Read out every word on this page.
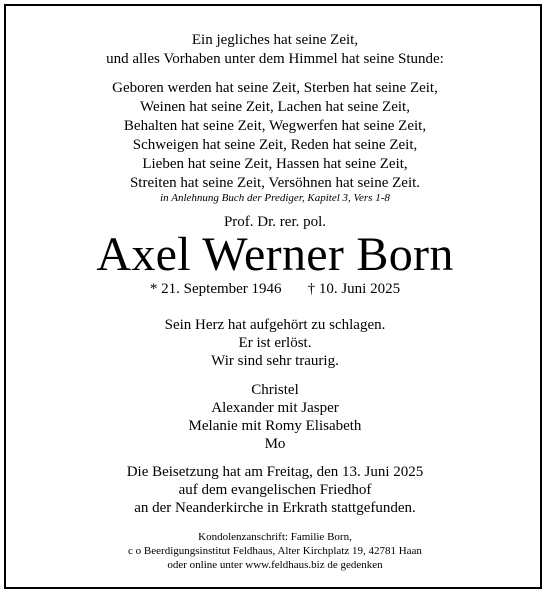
Ein jegliches hat seine Zeit,
und alles Vorhaben unter dem Himmel hat seine Stunde:
Geboren werden hat seine Zeit, Sterben hat seine Zeit,
Weinen hat seine Zeit, Lachen hat seine Zeit,
Behalten hat seine Zeit, Wegwerfen hat seine Zeit,
Schweigen hat seine Zeit, Reden hat seine Zeit,
Lieben hat seine Zeit, Hassen hat seine Zeit,
Streiten hat seine Zeit, Versöhnen hat seine Zeit.
in Anlehnung Buch der Prediger, Kapitel 3, Vers 1-8
Prof. Dr. rer. pol.
Axel Werner Born
* 21. September 1946 † 10. Juni 2025
Sein Herz hat aufgehört zu schlagen.
Er ist erlöst.
Wir sind sehr traurig.
Christel
Alexander mit Jasper
Melanie mit Romy Elisabeth
Mo
Die Beisetzung hat am Freitag, den 13. Juni 2025
auf dem evangelischen Friedhof
an der Neanderkirche in Erkrath stattgefunden.
Kondolenzanschrift: Familie Born,
c o Beerdigungsinstitut Feldhaus, Alter Kirchplatz 19, 42781 Haan
oder online unter www.feldhaus.biz de gedenken
